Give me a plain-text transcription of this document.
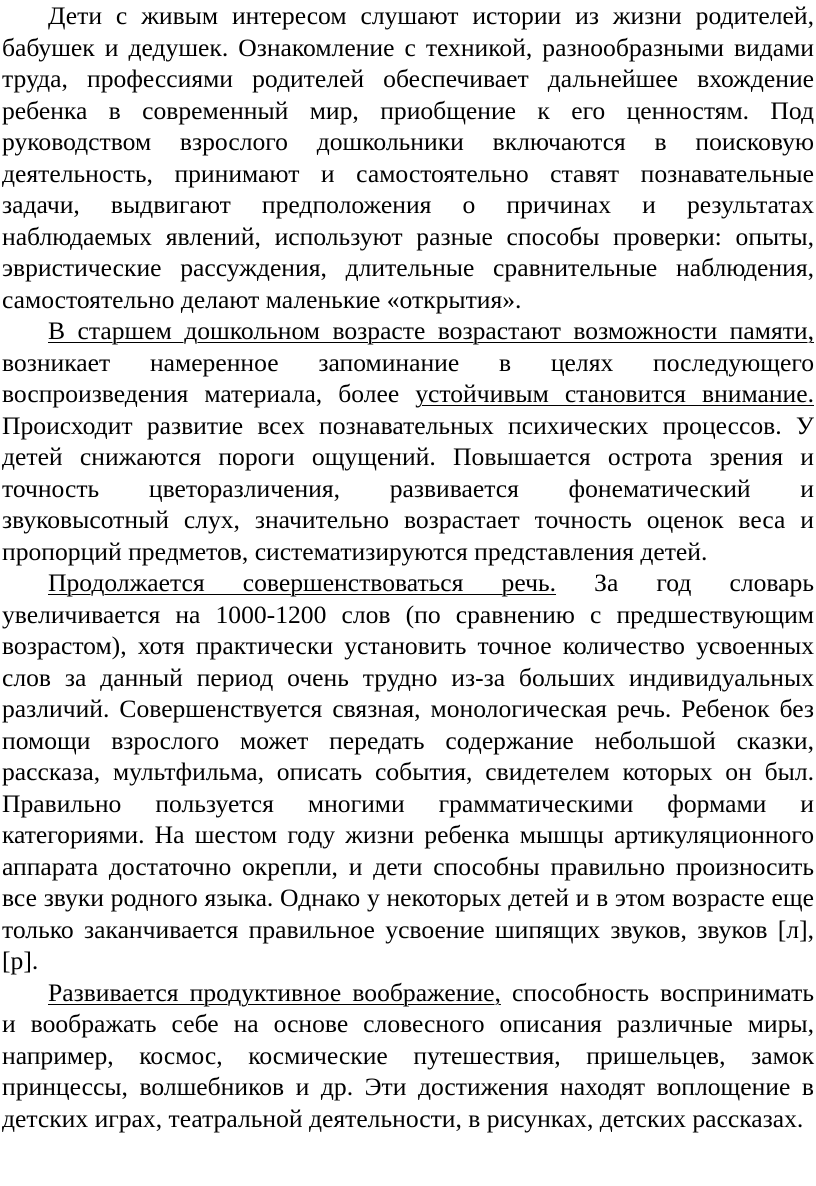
Дети с живым интересом слушают истории из жизни родителей, бабушек и дедушек. Ознакомление с техникой, разнообразными видами труда, профессиями родителей обеспечивает дальнейшее вхождение ребенка в современный мир, приобщение к его ценностям. Под руководством взрослого дошкольники включаются в поисковую деятельность, принимают и самостоятельно ставят познавательные задачи, выдвигают предположения о причинах и результатах наблюдаемых явлений, используют разные способы проверки: опыты, эвристические рассуждения, длительные сравнительные наблюдения, самостоятельно делают маленькие «открытия».

В старшем дошкольном возрасте возрастают возможности памяти, возникает намеренное запоминание в целях последующего воспроизведения материала, более устойчивым становится внимание. Происходит развитие всех познавательных психических процессов. У детей снижаются пороги ощущений. Повышается острота зрения и точность цветоразличения, развивается фонематический и звуковысотный слух, значительно возрастает точность оценок веса и пропорций предметов, систематизируются представления детей.

Продолжается совершенствоваться речь. За год словарь увеличивается на 1000-1200 слов (по сравнению с предшествующим возрастом), хотя практически установить точное количество усвоенных слов за данный период очень трудно из-за больших индивидуальных различий. Совершенствуется связная, монологическая речь. Ребенок без помощи взрослого может передать содержание небольшой сказки, рассказа, мультфильма, описать события, свидетелем которых он был. Правильно пользуется многими грамматическими формами и категориями. На шестом году жизни ребенка мышцы артикуляционного аппарата достаточно окрепли, и дети способны правильно произносить все звуки родного языка. Однако у некоторых детей и в этом возрасте еще только заканчивается правильное усвоение шипящих звуков, звуков [л], [р].

Развивается продуктивное воображение, способность воспринимать и воображать себе на основе словесного описания различные миры, например, космос, космические путешествия, пришельцев, замок принцессы, волшебников и др. Эти достижения находят воплощение в детских играх, театральной деятельности, в рисунках, детских рассказах.
